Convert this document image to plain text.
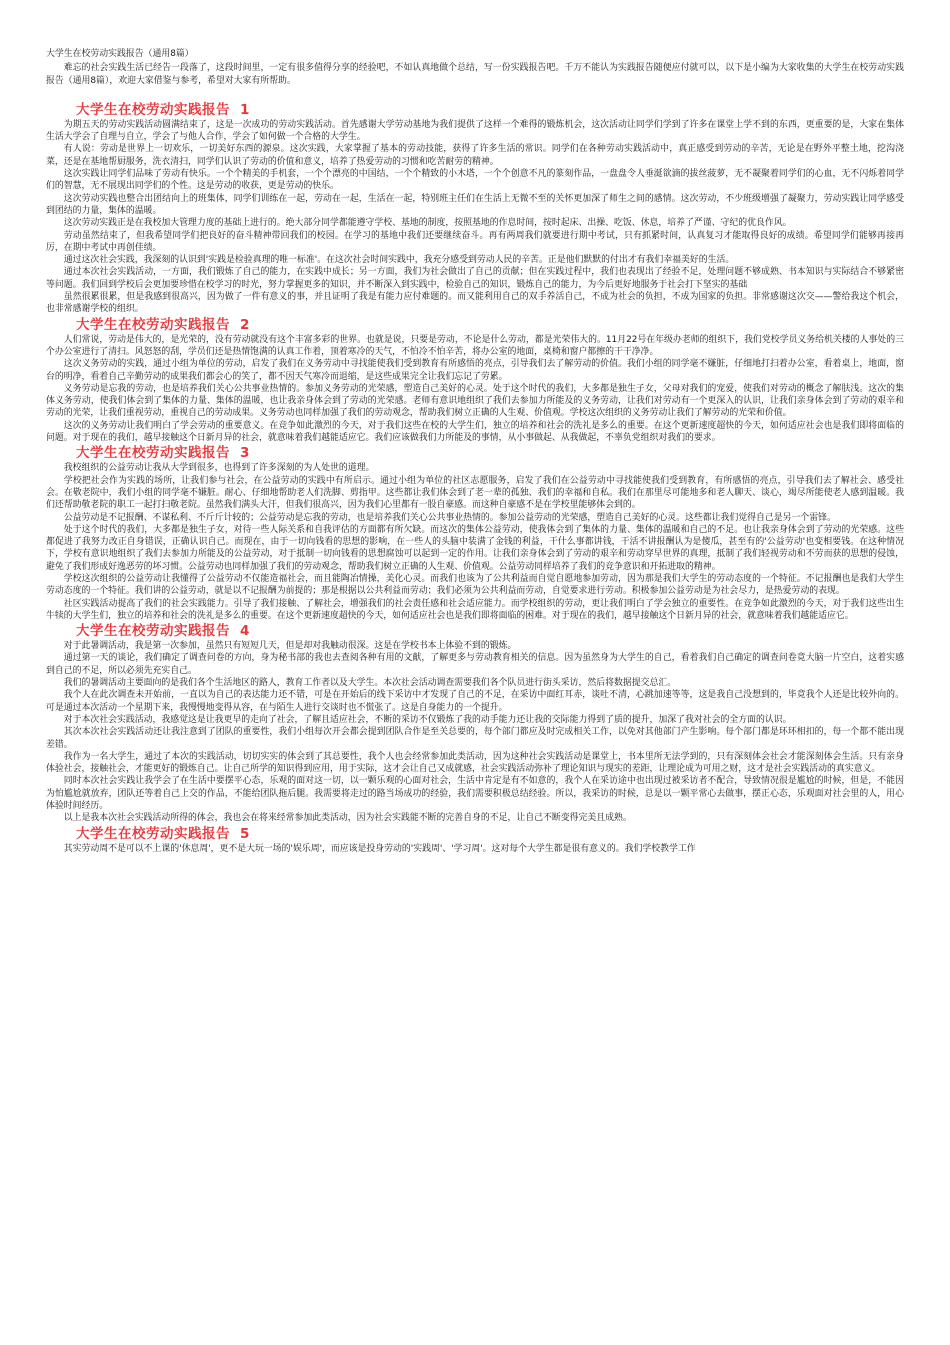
大学生在校劳动实践报告（通用8篇）

难忘的社会实践生活已经告一段落了，这段时间里，一定有很多值得分享的经验吧，不如认真地做个总结，写一份实践报告吧。千万不能认为实践报告随便应付就可以，以下是小编为大家收集的大学生在校劳动实践报告（通用8篇），欢迎大家借鉴与参考，希望对大家有所帮助。

大学生在校劳动实践报告 1

为期五天的劳动实践活动圆满结束了，这是一次成功的劳动实践活动。首先感谢大学劳动基地为我们提供了这样一个难得的锻炼机会，这次活动让同学们学到了许多在课堂上学不到的东西，更重要的是，大家在集体生活大学会了自理与自立，学会了与他人合作，学会了如何做一个合格的大学生。

有人说：劳动是世界上一切欢乐，一切美好东西的源泉。这次实践，大家掌握了基本的劳动技能，获得了许多生活的常识。同学们在各种劳动实践活动中，真正感受到劳动的辛苦，无论是在野外平整土地，挖沟浇菜，还是在基地帮厨服务，洗衣清扫，同学们认识了劳动的价值和意义，培养了热爱劳动的习惯和吃苦耐劳的精神。

这次实践让同学们品味了劳动有快乐。一个个精美的手机套，一个个漂亮的中国结，一个个精致的小木塔，一个个创意不凡的篆刻作品，一盘盘令人垂涎欲滴的拔丝菠萝，无不凝聚着同学们的心血，无不闪烁着同学们的智慧，无不展现出同学们的个性。这是劳动的收获，更是劳动的快乐。

这次劳动实践也整合出团结向上的班集体，同学们训练在一起，劳动在一起，生活在一起，特别班主任们在生活上无微不至的关怀更加深了师生之间的感情。这次劳动，不少班级增强了凝聚力，劳动实践让同学感受到团结的力量，集体的温暖。

这次劳动实践正是在我校加大管理力度的基础上进行的。绝大部分同学都能遵守学校、基地的制度，按照基地的作息时间，按时起床、出操、吃饭、休息，培养了严谨、守纪的优良作风。

劳动虽然结束了，但我希望同学们把良好的奋斗精神带回我们的校园。在学习的基地中我们还要继续奋斗。再有两周我们就要进行期中考试，只有抓紧时间，认真复习才能取得良好的成绩。希望同学们能够再接再厉，在期中考试中再创佳绩。

通过这次社会实践，我深刻的认识到'实践是检验真理的唯一标准'。在这次社会时间实践中，我充分感受到劳动人民的辛苦。正是他们默默的付出才有我们幸福美好的生活。

通过本次社会实践活动，一方面，我们锻炼了自己的能力，在实践中成长；另一方面，我们为社会做出了自己的贡献；但在实践过程中，我们也表现出了经验不足，处理问题不够成熟、书本知识与实际结合不够紧密等问题。我们回到学校后会更加要珍惜在校学习的时光，努力掌握更多的知识，并不断深入到实践中，检验自己的知识，锻炼自己的能力，为今后更好地服务于社会打下坚实的基础

虽然很累很累，但是我感到很高兴，因为做了一件有意义的事，并且证明了我是有能力应付难题的。而又能利用自己的双手养活自己，不成为社会的负担，不成为国家的负担。非常感谢这次交——警给我这个机会，也非常感谢学校的组织。

大学生在校劳动实践报告 2

人们常说，劳动是伟大的，是光荣的，没有劳动就没有这个丰富多彩的世界。也就是说，只要是劳动，不论是什么劳动，都是光荣伟大的。11月22号在年级办老师的组织下，我们党校学员义务给机关楼的人事处的三个办公室进行了清扫。风怒怒的刮，学员们还是热情饱满的认真工作着，顶着寒冷的天气，不怕冷不怕辛苦，将办公室的地面，桌椅和窗户都擦的干干净净。

这次义务劳动的实践，通过小组为单位的劳动，启发了我们在义务劳动中寻找能使我们受到教育有所感悟的亮点，引导我们去了解劳动的价值。我们小组的同学毫不嫌脏，仔细地打扫着办公室，看着桌上，地面，窗台的明净，看着自己辛勤劳动的成果我们都会心的笑了，都不因天气寒冷而退缩，是这些成果完全让我们忘记了劳累。

义务劳动是忘我的劳动，也是培养我们关心公共事业热情的。参加义务劳动的光荣感，塑造自己美好的心灵。处于这个时代的我们，大多都是独生子女，父母对我们的宠爱，使我们对劳动的概念了解肤浅。这次的集体义务劳动，使我们体会到了集体的力量、集体的温暖，也让我亲身体会到了劳动的光荣感。老师有意识地组织了我们去参加力所能及的义务劳动，让我们对劳动有一个更深入的认识，让我们亲身体会到了劳动的艰辛和劳动的光荣，让我们重视劳动，重视自己的劳动成果。义务劳动也同样加强了我们的劳动观念，帮助我们树立正确的人生观、价值观。学校这次组织的义务劳动让我们了解劳动的光荣和价值。

这次的义务劳动让我们明白了学会劳动的重要意义。在竞争如此激烈的今天，对于我们这些在校的大学生们，独立的培养和社会的洗礼是多么的重要。在这个更新速度超快的今天，如何适应社会也是我们即将面临的问题。对于现在的我们，越早接触这个日新月异的社会，就意味着我们越能适应它。我们应该做我们力所能及的事情，从小事做起、从我做起，不辜负党组织对我们的要求。

大学生在校劳动实践报告 3

我校组织的公益劳动让我从大学到很多，也得到了许多深刻的为人处世的道理。

学校把社会作为实践的场所，让我们参与社会，在公益劳动的实践中有所启示。通过小组为单位的社区志愿服务，启发了我们在公益劳动中寻找能使我们受到教育，有所感悟的亮点，引导我们去了解社会、感受社会。在敬老院中，我们小组的同学毫不嫌脏。耐心、仔细地帮助老人们洗脚、剪指甲。这些都让我们体会到了老一辈的孤独、我们的幸福和自私。我们在那里尽可能地多和老人聊天、谈心，竭尽所能使老人感到温暖。我们还帮助敬老院的职工一起打扫敬老院。虽然我们满头大汗，但我们很高兴，因为我们心里都有一股自豪感。而这种自豪感不是在学校里能够体会到的。

公益劳动是不记报酬、不谋私利、不斤斤计较的；公益劳动是忘我的劳动，也是培养我们关心公共事业热情的。参加公益劳动的光荣感，塑造自己美好的心灵。这些都让我们觉得自己是另一个雷锋。

处于这个时代的我们，大多都是独生子女，对待一些人际关系和自我评估的方面都有所欠缺。而这次的集体公益劳动，使我体会到了集体的力量、集体的温暖和自己的不足。也让我亲身体会到了劳动的光荣感。这些都促进了我努力改正自身错误，正确认识自己。而现在，由于一切向钱看的思想的影响，在一些人的头脑中装满了金钱的利益，干什么事都讲钱，干活不讲报酬认为是傻瓜，甚至有的'公益劳动'也变相要钱。在这种情况下，学校有意识地组织了我们去参加力所能及的公益劳动，对于抵制一切向钱看的思想腐蚀可以起到一定的作用。让我们亲身体会到了劳动的艰辛和劳动穿早世界的真理，抵制了我们轻视劳动和不劳而获的思想的侵蚀，避免了我们形成好逸恶劳的坏习惯。公益劳动也同样加强了我们的劳动观念，帮助我们树立正确的人生观、价值观。公益劳动同样培养了我们的竞争意识和开拓进取的精神。

学校这次组织的公益劳动让我懂得了公益劳动不仅能造福社会，而且能陶冶情操，美化心灵。而我们也该为了公共利益而自觉自愿地参加劳动，因为那是我们大学生的劳动态度的一个特征。不记报酬也是我们大学生劳动态度的一个特征。我们讲的公益劳动，就是以不记报酬为前提的；那是根据以公共利益而劳动；我们必须为公共利益而劳动，自觉要求进行劳动。积极参加公益劳动是为社会尽力，是热爱劳动的表现。

社区实践活动提高了我们的社会实践能力。引导了我们接触、了解社会，增强我们的社会责任感和社会适应能力。而学校组织的劳动，更让我们明白了学会独立的重要性。在竞争如此激烈的今天，对于我们这些出生牛犊的大学生们，独立的培养和社会的洗礼是多么的重要。在这个更新速度超快的今天，如何适应社会也是我们即将面临的困难。对于现在的我们，越早接触这个日新月异的社会，就意味着我们越能适应它。

大学生在校劳动实践报告 4

对于此暑调活动，我是第一次参加，虽然只有短短几天，但是却对我触动很深。这是在学校书本上体验不到的锻炼。

通过第一天的谈论，我们确定了调查问卷的方向，身为秘书部的我也去查阅各种有用的文献，了解更多与劳动教育相关的信息。因为虽然身为大学生的自己，看着我们自己确定的调查问卷竟大脑一片空白，这着实感到自己的不足，所以必须先充实自己。

我们的暑调活动主要面向的是我们各个生活地区的路人，教育工作者以及大学生。本次社会活动调查需要我们各个队员进行街头采访，然后将数据提交总汇。

我个人在此次调查未开始前，一直以为自己的表达能力还不错，可是在开始后的线下采访中才发现了自己的不足，在采访中面红耳赤，谈吐不清，心跳加速等等，这是我自己没想到的，毕竟我个人还是比较外向的。可是通过本次活动一个星期下来，我慢慢地变得从容，在与陌生人进行交谈时也不慌张了。这是自身能力的一个提升。

对于本次社会实践活动，我感觉这是让我更早的走向了社会，了解且适应社会，不断的采访不仅锻炼了我的动手能力还让我的交际能力得到了质的提升，加深了我对社会的全方面的认识。

其次本次社会实践活动还让我注意到了团队的重要性，我们小组每次开会都会提到团队合作是至关总要的，每个部门都应及时完成相关工作，以免对其他部门产生影响。每个部门都是环环相扣的，每一个都不能出现差错。

我作为一名大学生，通过了本次的实践活动，切切实实的体会到了其总要性，我个人也会经常参加此类活动，因为这种社会实践活动是课堂上，书本里所无法学到的，只有深刻体会社会才能深刻体会生活。只有亲身体验社会，接触社会，才能更好的锻炼自己。让自己所学的知识得到应用，用于实际，这才会让自己又成就感，社会实践活动弥补了理论知识与现实的差距，让理论成为可用之财，这才是社会实践活动的真实意义。

同时本次社会实践让我学会了在生活中要摆平心态，乐观的面对这一切，以一颗乐观的心面对社会，生活中肯定是有不如意的，我个人在采访途中也出现过被采访者不配合，导致情况很是尴尬的时候，但是，不能因为怕尴尬就放弃，团队还等着自己上交的作品，不能给团队拖后腿。我需要将走过的路当场成功的经验，我们需要积极总结经验。所以，我采访的时候，总是以一颗平常心去做事，摆正心态，乐观面对社会里的人，用心体验时间经历。

以上是我本次社会实践活动所得的体会，我也会在将来经常参加此类活动，因为社会实践能不断的完善自身的不足，让自己不断变得完美且成熟。

大学生在校劳动实践报告 5

其实劳动周不是可以不上课的'休息周'，更不是大玩一场的'娱乐周'，而应该是投身劳动的'实践周'、'学习周'。这对每个大学生都是很有意义的。我们学校教学工作
